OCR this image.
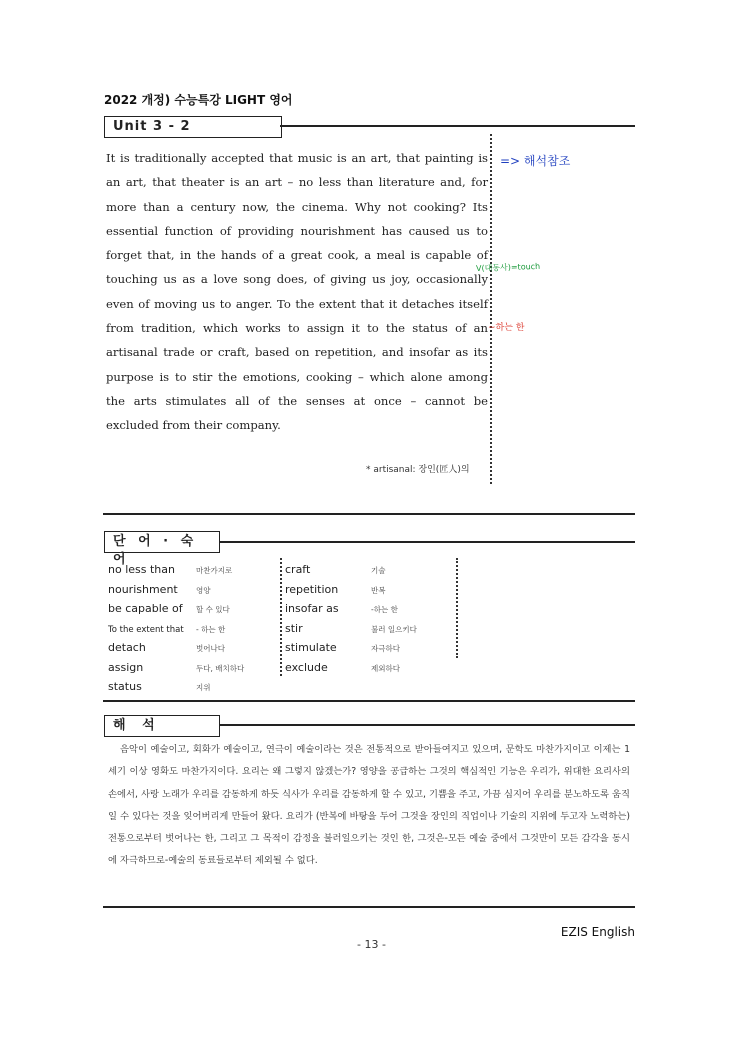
2022 개정) 수능특강 LIGHT 영어
Unit 3 - 2
It is traditionally accepted that music is an art, that painting is an art, that theater is an art – no less than literature and, for more than a century now, the cinema. Why not cooking? Its essential function of providing nourishment has caused us to forget that, in the hands of a great cook, a meal is capable of touching us as a love song does, of giving us joy, occasionally even of moving us to anger. To the extent that it detaches itself from tradition, which works to assign it to the status of an artisanal trade or craft, based on repetition, and insofar as its purpose is to stir the emotions, cooking – which alone among the arts stimulates all of the senses at once – cannot be excluded from their company.
=> 해석참조
V(대동사)=touch
~하는 한
* artisanal: 장인(匠人)의
단 어 · 숙 어
no less than	마찬가지로
nourishment 영양
be capable of 할 수 있다
To the extent that - 하는 한
detach	벗어나다
assign	두다, 배치하다
status	지위
craft	기술
repetition	반복
insofar as	-하는 한
stir	불러 일으키다
stimulate	자극하다
exclude	제외하다
해 석
음악이 예술이고, 회화가 예술이고, 연극이 예술이라는 것은 전통적으로 받아들여지고 있으며, 문학도 마찬가지이고 이제는 1세기 이상 영화도 마찬가지이다. 요리는 왜 그렇지 않겠는가? 영양을 공급하는 그것의 핵심적인 기능은 우리가, 위대한 요리사의 손에서, 사랑 노래가 우리를 감동하게 하듯 식사가 우리를 감동하게 할 수 있고, 기쁨을 주고, 가끔 심지어 우리를 분노하도록 움직일 수 있다는 것을 잊어버리게 만들어 왔다. 요리가 (반복에 바탕을 두어 그것을 장인의 직업이나 기술의 지위에 두고자 노력하는) 전통으로부터 벗어나는 한, 그리고 그 목적이 감정을 불러일으키는 것인 한, 그것은-모든 예술 중에서 그것만이 모든 감각을 동시에 자극하므로-예술의 동료들로부터 제외될 수 없다.
EZIS English
- 13 -
